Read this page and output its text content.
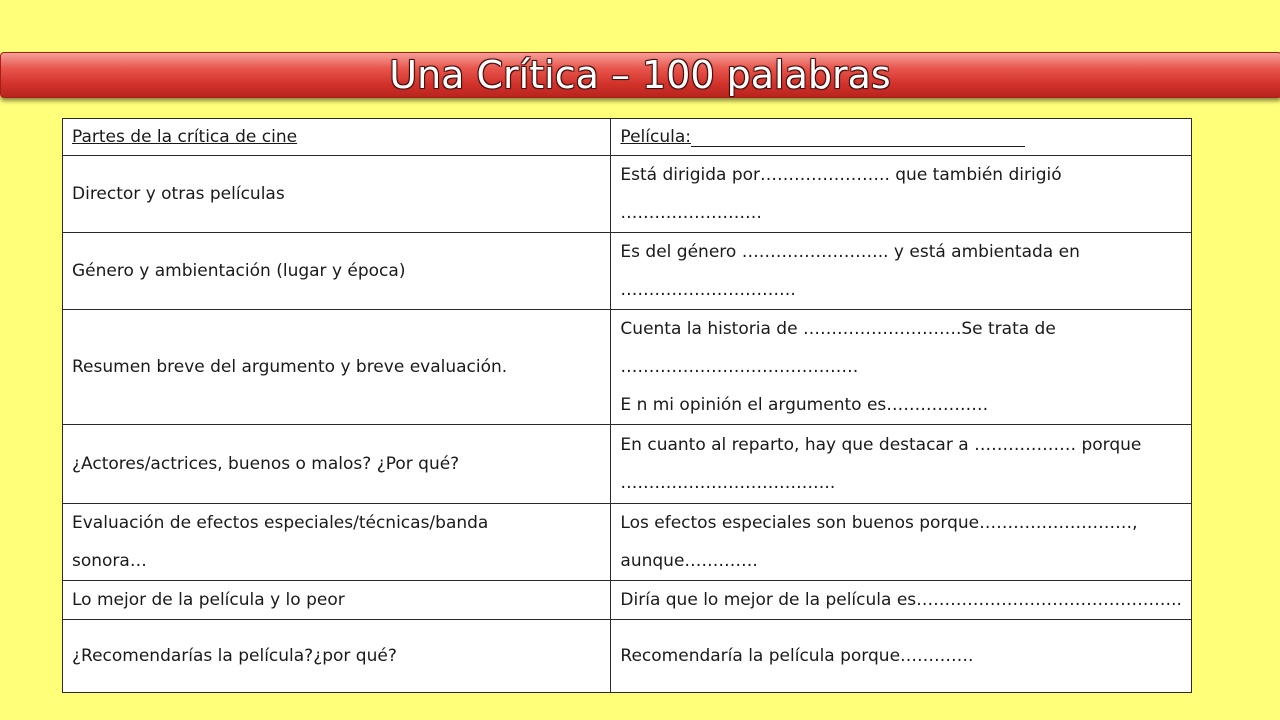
Una Crítica – 100 palabras
Partes de la crítica de cine	Película:

Director y otras películas	Está dirigida por………………….. que también dirigió
…………………….

Género y ambientación (lugar y época)	Es del género …………………….. y está ambientada en
………………………….

Resumen breve del argumento y breve evaluación.	Cuenta la historia de ……………………….Se trata de
……………………………………
E n mi opinión el argumento es………………

¿Actores/actrices, buenos o malos? ¿Por qué?	En cuanto al reparto, hay que destacar a ……………… porque
………………………………..

Evaluación de efectos especiales/técnicas/banda
sonora…	Los efectos especiales son buenos porque………………………,
aunque………….

Lo mejor de la película y lo peor	Diría que lo mejor de la película es………………………………………..

¿Recomendarías la película?¿por qué?	Recomendaría la película porque………….
